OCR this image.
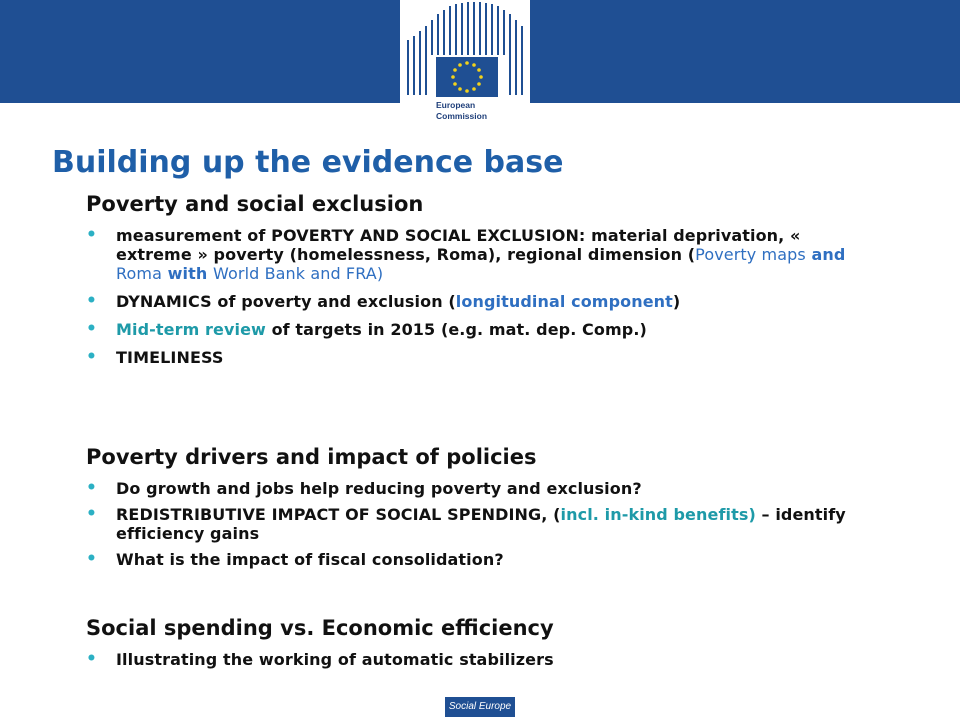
European
Commission
Building up the evidence base
Poverty and social exclusion
• measurement of POVERTY AND SOCIAL EXCLUSION: material deprivation, « extreme » poverty (homelessness, Roma), regional dimension (Poverty maps and Roma with World Bank and FRA)
• DYNAMICS of poverty and exclusion (longitudinal component)
• Mid-term review of targets in 2015 (e.g. mat. dep. Comp.)
• TIMELINESS
Poverty drivers and impact of policies
• Do growth and jobs help reducing poverty and exclusion?
• REDISTRIBUTIVE IMPACT OF SOCIAL SPENDING, (incl. in-kind benefits) – identify efficiency gains
• What is the impact of fiscal consolidation?
Social spending vs. Economic efficiency
• Illustrating the working of automatic stabilizers
Social Europe
